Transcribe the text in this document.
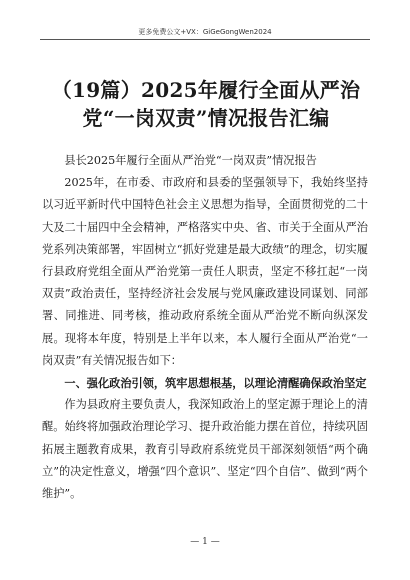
更多免费公文+VX：GiGeGongWen2024
（19篇）2025年履行全面从严治党“一岗双责”情况报告汇编

县长2025年履行全面从严治党“一岗双责”情况报告

2025年，在市委、市政府和县委的坚强领导下，我始终坚持以习近平新时代中国特色社会主义思想为指导，全面贯彻党的二十大及二十届四中全会精神，严格落实中央、省、市关于全面从严治党系列决策部署，牢固树立“抓好党建是最大政绩”的理念，切实履行县政府党组全面从严治党第一责任人职责，坚定不移扛起“一岗双责”政治责任，坚持经济社会发展与党风廉政建设同谋划、同部署、同推进、同考核，推动政府系统全面从严治党不断向纵深发展。现将本年度，特别是上半年以来，本人履行全面从严治党“一岗双责”有关情况报告如下：

一、强化政治引领，筑牢思想根基，以理论清醒确保政治坚定

作为县政府主要负责人，我深知政治上的坚定源于理论上的清醒。始终将加强政治理论学习、提升政治能力摆在首位，持续巩固拓展主题教育成果，教育引导政府系统党员干部深刻领悟“两个确立”的决定性意义，增强“四个意识”、坚定“四个自信”、做到“两个维护”。

— 1 —
